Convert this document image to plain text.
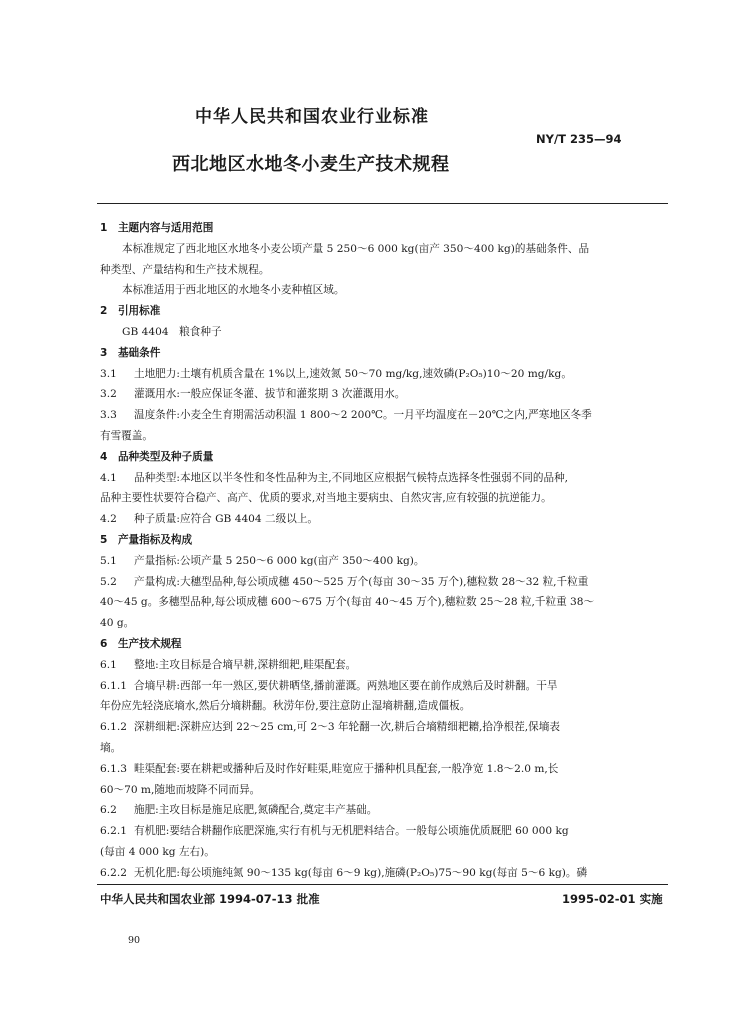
中华人民共和国农业行业标准
NY/T 235—94
西北地区水地冬小麦生产技术规程
1　主题内容与适用范围
本标准规定了西北地区水地冬小麦公顷产量 5 250～6 000 kg(亩产 350～400 kg)的基础条件、品
种类型、产量结构和生产技术规程。
本标准适用于西北地区的水地冬小麦种植区域。
2　引用标准
GB 4404　粮食种子
3　基础条件
3.1 土地肥力:土壤有机质含量在 1%以上,速效氮 50～70 mg/kg,速效磷(P₂O₅)10～20 mg/kg。
3.2 灌溉用水:一般应保证冬灌、拔节和灌浆期 3 次灌溉用水。
3.3 温度条件:小麦全生育期需活动积温 1 800～2 200℃。一月平均温度在－20℃之内,严寒地区冬季
有雪覆盖。
4　品种类型及种子质量
4.1 品种类型:本地区以半冬性和冬性品种为主,不同地区应根据气候特点选择冬性强弱不同的品种,
品种主要性状要符合稳产、高产、优质的要求,对当地主要病虫、自然灾害,应有较强的抗逆能力。
4.2 种子质量:应符合 GB 4404 二级以上。
5　产量指标及构成
5.1 产量指标:公顷产量 5 250～6 000 kg(亩产 350～400 kg)。
5.2 产量构成:大穗型品种,每公顷成穗 450～525 万个(每亩 30～35 万个),穗粒数 28～32 粒,千粒重
40～45 g。多穗型品种,每公顷成穗 600～675 万个(每亩 40～45 万个),穗粒数 25～28 粒,千粒重 38～
40 g。
6　生产技术规程
6.1 整地:主攻目标是合墒早耕,深耕细耙,畦渠配套。
6.1.1 合墒早耕:西部一年一熟区,要伏耕晒垡,播前灌溉。两熟地区要在前作成熟后及时耕翻。干旱
年份应先轻浇底墒水,然后分墒耕翻。秋涝年份,要注意防止湿墒耕翻,造成僵板。
6.1.2 深耕细耙:深耕应达到 22～25 cm,可 2～3 年轮翻一次,耕后合墒精细耙耱,拾净根茬,保墒表
墒。
6.1.3 畦渠配套:要在耕耙或播种后及时作好畦渠,畦宽应于播种机具配套,一般净宽 1.8～2.0 m,长
60～70 m,随地而坡降不同而异。
6.2 施肥:主攻目标是施足底肥,氮磷配合,奠定丰产基础。
6.2.1 有机肥:要结合耕翻作底肥深施,实行有机与无机肥料结合。一般每公顷施优质厩肥 60 000 kg
(每亩 4 000 kg 左右)。
6.2.2 无机化肥:每公顷施纯氮 90～135 kg(每亩 6～9 kg),施磷(P₂O₅)75～90 kg(每亩 5～6 kg)。磷
中华人民共和国农业部 1994-07-13 批准	1995-02-01 实施
90
